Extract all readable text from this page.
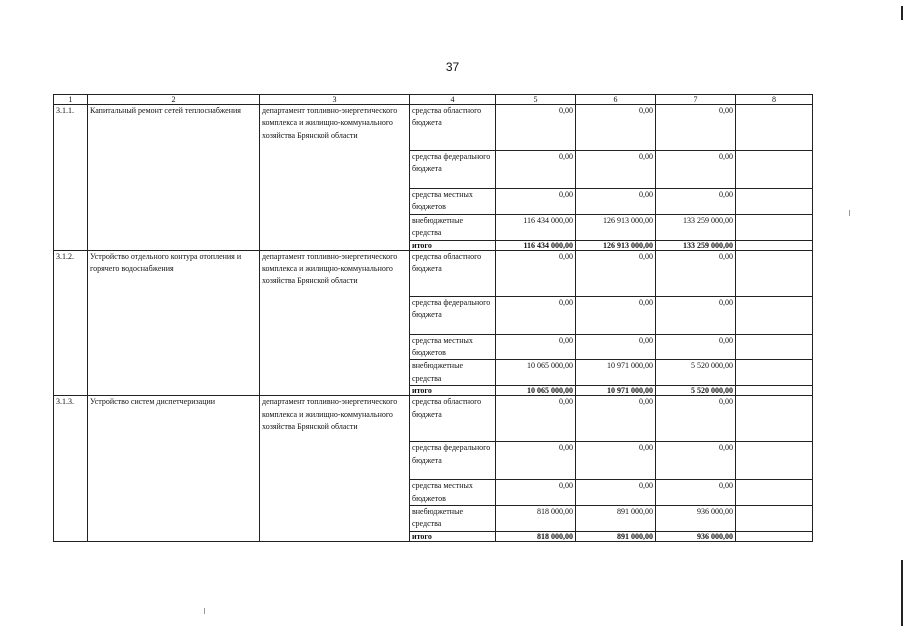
37
1	2	3	4	5	6	7	8
3.1.1.	Капитальный ремонт сетей теплоснабжения	департамент топливно-энергетического комплекса и жилищно-коммунального хозяйства Брянской области	средства областного бюджета	0,00	0,00	0,00	
			средства федерального бюджета	0,00	0,00	0,00	
			средства местных бюджетов	0,00	0,00	0,00	
			внебюджетные средства	116 434 000,00	126 913 000,00	133 259 000,00	
			итого	116 434 000,00	126 913 000,00	133 259 000,00	
3.1.2.	Устройство отдельного контура отопления и горячего водоснабжения	департамент топливно-энергетического комплекса и жилищно-коммунального хозяйства Брянской области	средства областного бюджета	0,00	0,00	0,00	
			средства федерального бюджета	0,00	0,00	0,00	
			средства местных бюджетов	0,00	0,00	0,00	
			внебюджетные средства	10 065 000,00	10 971 000,00	5 520 000,00	
			итого	10 065 000,00	10 971 000,00	5 520 000,00	
3.1.3.	Устройство систем диспетчеризации	департамент топливно-энергетического комплекса и жилищно-коммунального хозяйства Брянской области	средства областного бюджета	0,00	0,00	0,00	
			средства федерального бюджета	0,00	0,00	0,00	
			средства местных бюджетов	0,00	0,00	0,00	
			внебюджетные средства	818 000,00	891 000,00	936 000,00	
			итого	818 000,00	891 000,00	936 000,00	
